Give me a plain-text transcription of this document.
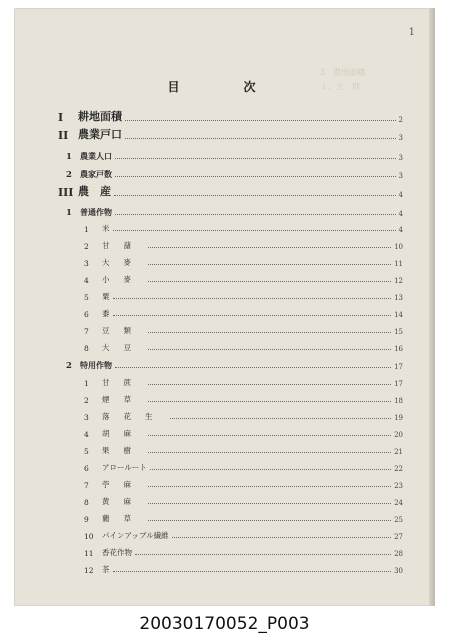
1
3　農地面積
１．土　地
目　次
I	耕地面積	2
II 農業戸口	3
1	農業人口	3
2	農家戸数	3
III 農　産	4
1	普通作物	4
1	米	4
2	甘藷	10
3	大麥	11
4	小麥	12
5	粟	13
6	黍	14
7	豆類	15
8	大豆	16
2	特用作物	17
1	甘蔗	17
2	煙草	18
3	落花生	19
4	胡麻	20
5	果樹	21
6	アロールート	22
7	苧麻	23
8	黄麻	24
9	藺草	25
10	パインアップル繊維	27
11	香花作物	28
12	茶	30
20030170052_P003
